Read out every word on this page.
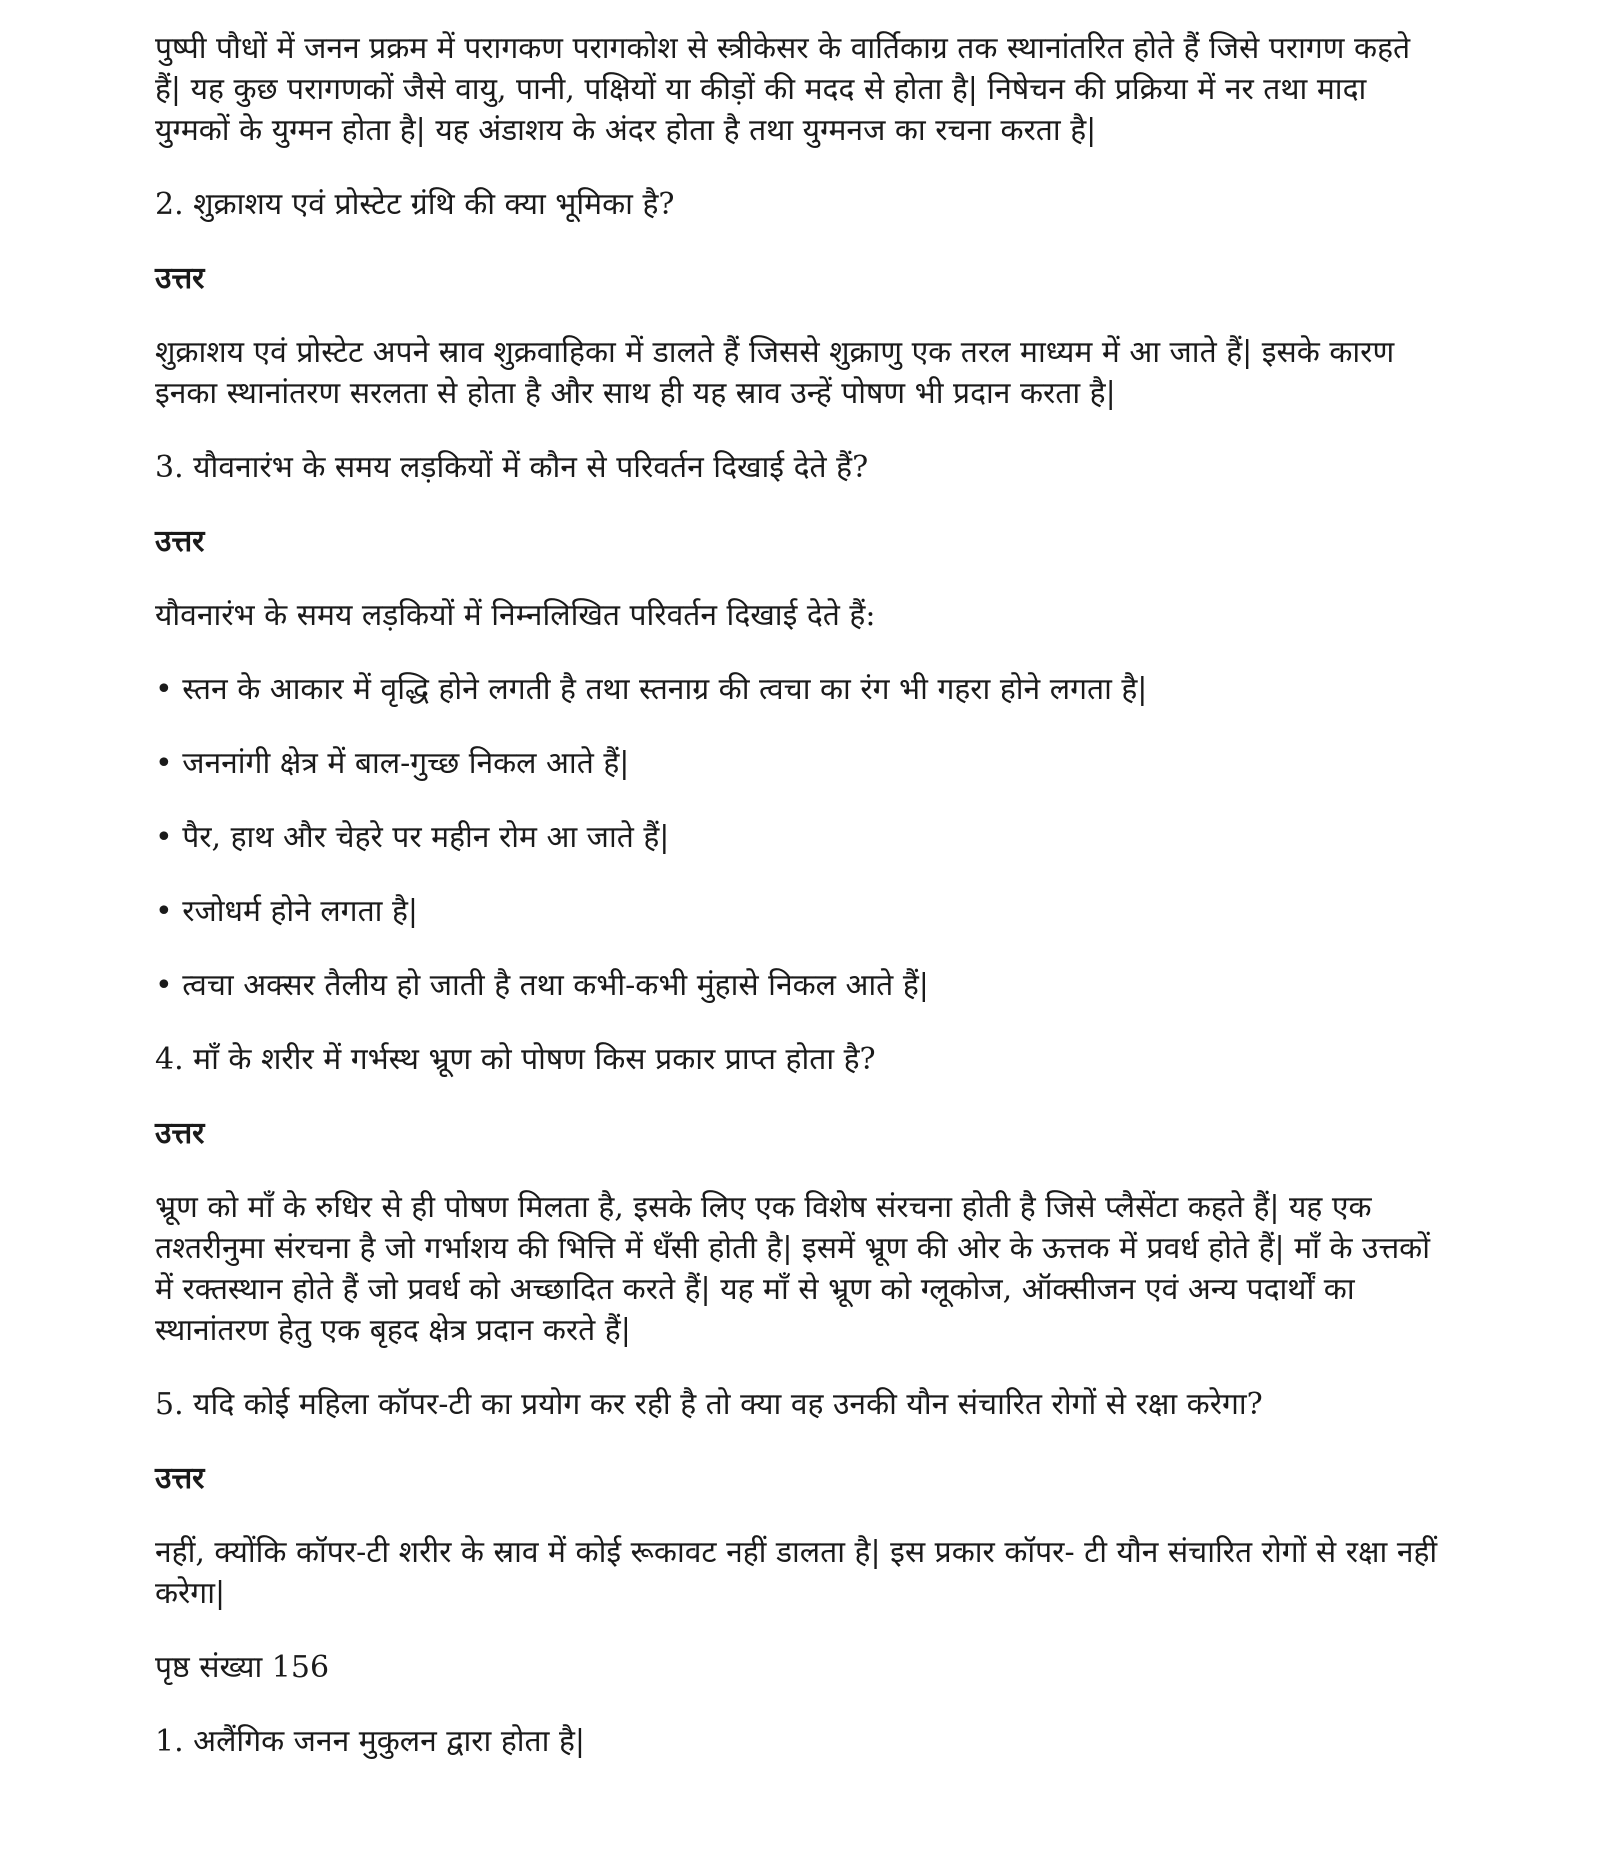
पुष्पी पौधों में जनन प्रक्रम में परागकण परागकोश से स्त्रीकेसर के वार्तिकाग्र तक स्थानांतरित होते हैं जिसे परागण कहते हैं| यह कुछ परागणकों जैसे वायु, पानी, पक्षियों या कीड़ों की मदद से होता है| निषेचन की प्रक्रिया में नर तथा मादा युग्मकों के युग्मन होता है| यह अंडाशय के अंदर होता है तथा युग्मनज का रचना करता है|

2. शुक्राशय एवं प्रोस्टेट ग्रंथि की क्या भूमिका है?

उत्तर

शुक्राशय एवं प्रोस्टेट अपने स्राव शुक्रवाहिका में डालते हैं जिससे शुक्राणु एक तरल माध्यम में आ जाते हैं| इसके कारण इनका स्थानांतरण सरलता से होता है और साथ ही यह स्राव उन्हें पोषण भी प्रदान करता है|

3. यौवनारंभ के समय लड़कियों में कौन से परिवर्तन दिखाई देते हैं?

उत्तर

यौवनारंभ के समय लड़कियों में निम्नलिखित परिवर्तन दिखाई देते हैं:

• स्तन के आकार में वृद्धि होने लगती है तथा स्तनाग्र की त्वचा का रंग भी गहरा होने लगता है|

• जननांगी क्षेत्र में बाल-गुच्छ निकल आते हैं|

• पैर, हाथ और चेहरे पर महीन रोम आ जाते हैं|

• रजोधर्म होने लगता है|

• त्वचा अक्सर तैलीय हो जाती है तथा कभी-कभी मुंहासे निकल आते हैं|

4. माँ के शरीर में गर्भस्थ भ्रूण को पोषण किस प्रकार प्राप्त होता है?

उत्तर

भ्रूण को माँ के रुधिर से ही पोषण मिलता है, इसके लिए एक विशेष संरचना होती है जिसे प्लैसेंटा कहते हैं| यह एक तश्तरीनुमा संरचना है जो गर्भाशय की भित्ति में धँसी होती है| इसमें भ्रूण की ओर के ऊत्तक में प्रवर्ध होते हैं| माँ के उत्तकों में रक्तस्थान होते हैं जो प्रवर्ध को अच्छादित करते हैं| यह माँ से भ्रूण को ग्लूकोज, ऑक्सीजन एवं अन्य पदार्थों का स्थानांतरण हेतु एक बृहद क्षेत्र प्रदान करते हैं|

5. यदि कोई महिला कॉपर-टी का प्रयोग कर रही है तो क्या वह उनकी यौन संचारित रोगों से रक्षा करेगा?

उत्तर

नहीं, क्योंकि कॉपर-टी शरीर के स्राव में कोई रूकावट नहीं डालता है| इस प्रकार कॉपर- टी यौन संचारित रोगों से रक्षा नहीं करेगा|

पृष्ठ संख्या 156

1. अलैंगिक जनन मुकुलन द्वारा होता है|
